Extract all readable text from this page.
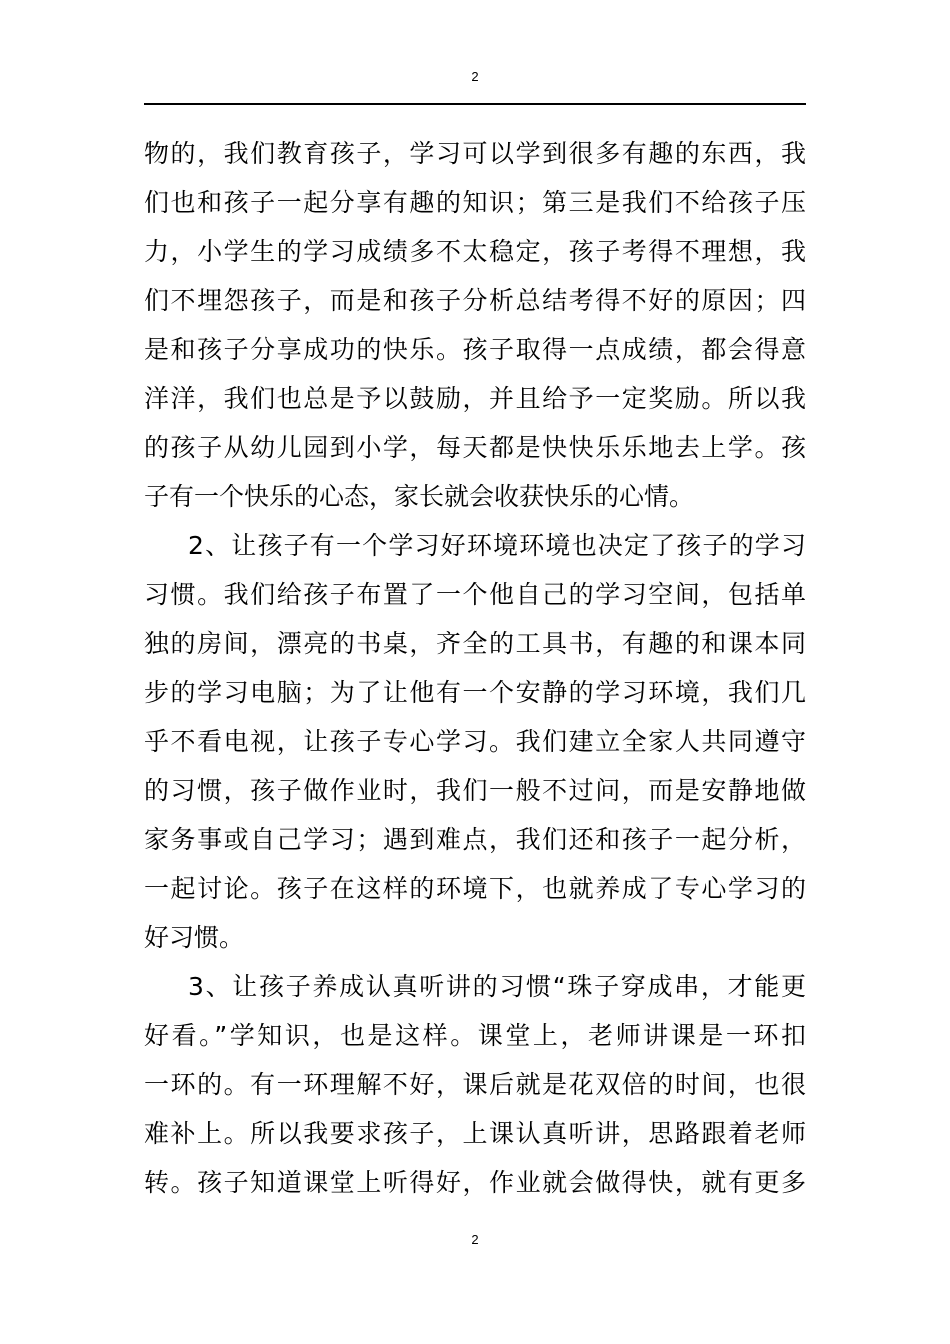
2
物的，我们教育孩子，学习可以学到很多有趣的东西，我
们也和孩子一起分享有趣的知识；第三是我们不给孩子压
力，小学生的学习成绩多不太稳定，孩子考得不理想，我
们不埋怨孩子，而是和孩子分析总结考得不好的原因；四
是和孩子分享成功的快乐。孩子取得一点成绩，都会得意
洋洋，我们也总是予以鼓励，并且给予一定奖励。所以我
的孩子从幼儿园到小学，每天都是快快乐乐地去上学。孩
子有一个快乐的心态，家长就会收获快乐的心情。
2、让孩子有一个学习好环境环境也决定了孩子的学习
习惯。我们给孩子布置了一个他自己的学习空间，包括单
独的房间，漂亮的书桌，齐全的工具书，有趣的和课本同
步的学习电脑；为了让他有一个安静的学习环境，我们几
乎不看电视，让孩子专心学习。我们建立全家人共同遵守
的习惯，孩子做作业时，我们一般不过问，而是安静地做
家务事或自己学习；遇到难点，我们还和孩子一起分析，
一起讨论。孩子在这样的环境下，也就养成了专心学习的
好习惯。
3、让孩子养成认真听讲的习惯“珠子穿成串，才能更
好看。”学知识，也是这样。课堂上，老师讲课是一环扣
一环的。有一环理解不好，课后就是花双倍的时间，也很
难补上。所以我要求孩子，上课认真听讲，思路跟着老师
转。孩子知道课堂上听得好，作业就会做得快，就有更多
2
